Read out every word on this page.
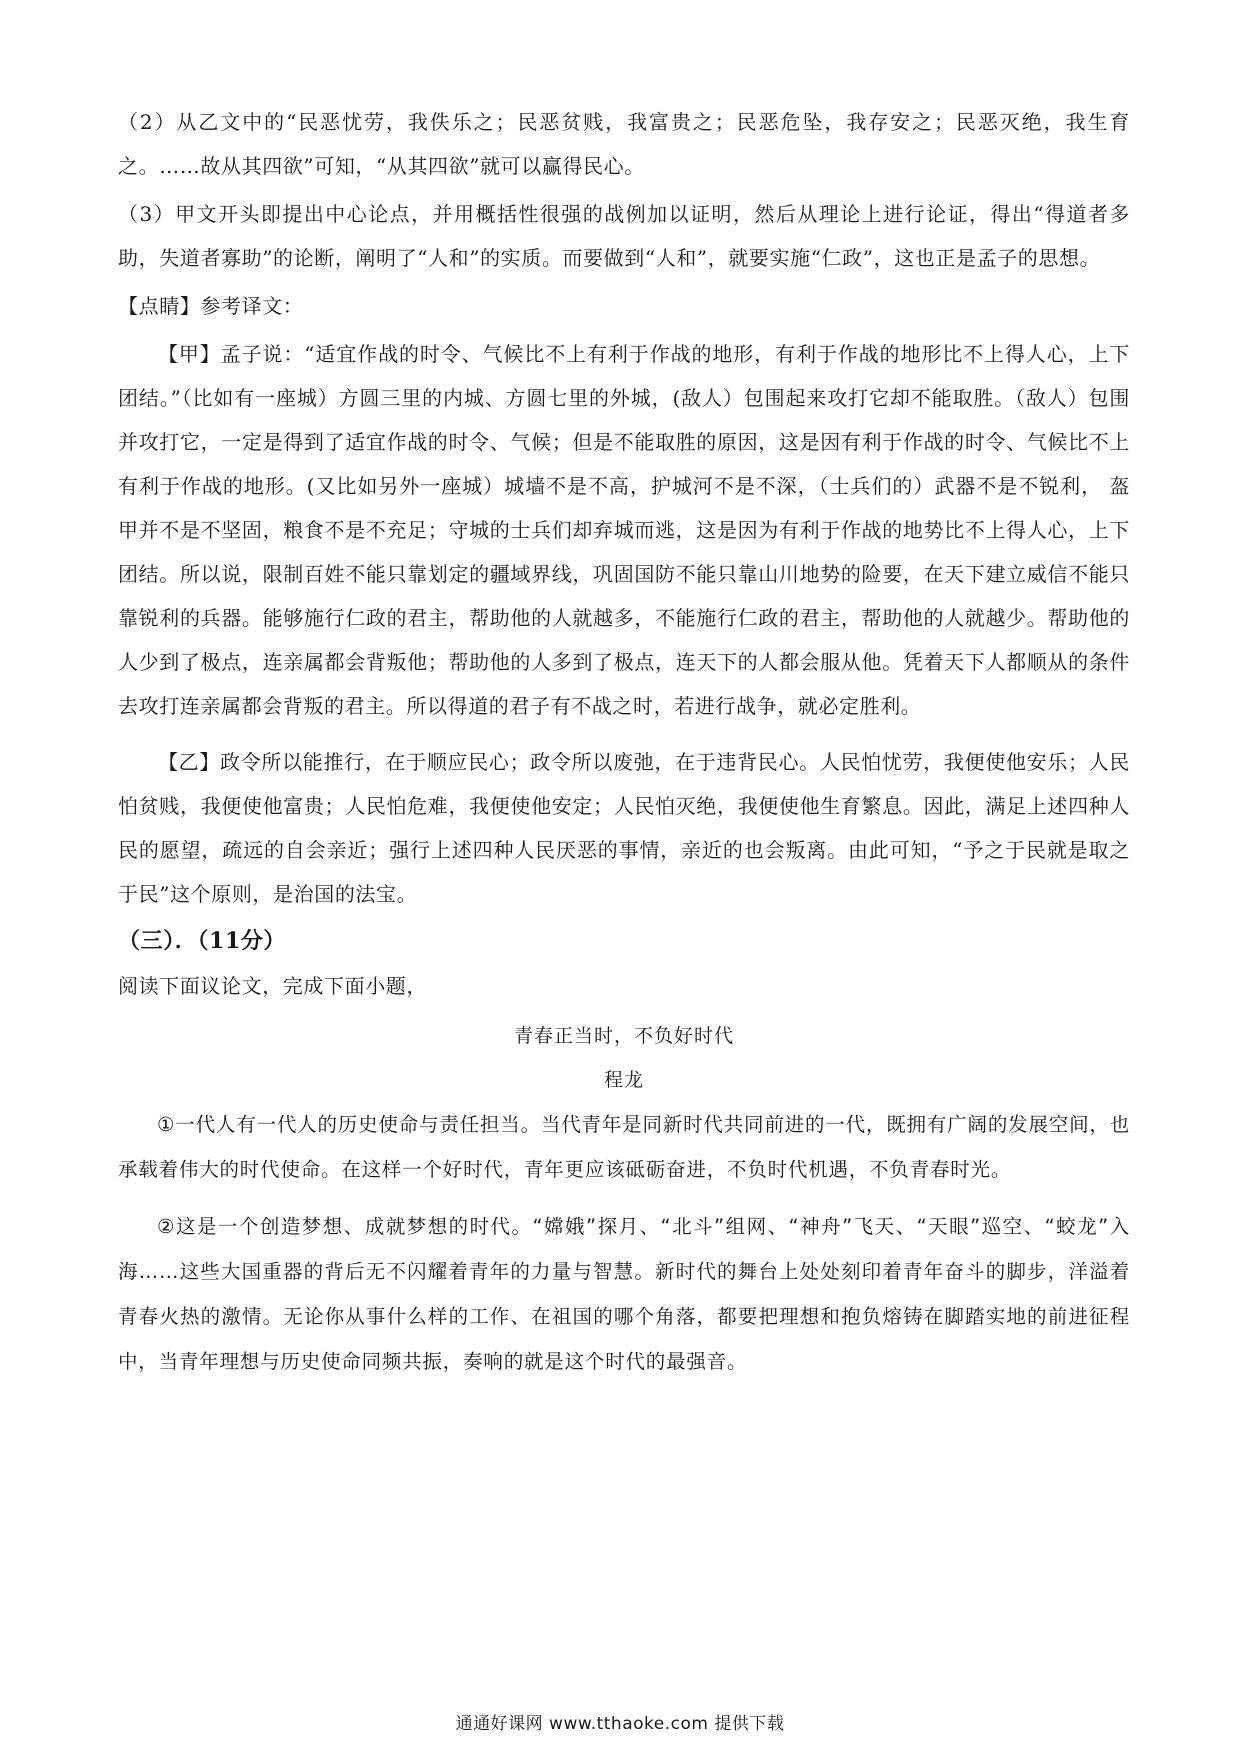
（2）从乙文中的“民恶忧劳，我佚乐之；民恶贫贱，我富贵之；民恶危坠，我存安之；民恶灭绝，我生育之。……故从其四欲”可知，“从其四欲”就可以赢得民心。

（3）甲文开头即提出中心论点，并用概括性很强的战例加以证明，然后从理论上进行论证，得出“得道者多助，失道者寡助”的论断，阐明了“人和”的实质。而要做到“人和”，就要实施“仁政”，这也正是孟子的思想。

【点睛】参考译文：

【甲】孟子说：“适宜作战的时令、气候比不上有利于作战的地形，有利于作战的地形比不上得人心，上下团结。”（比如有一座城）方圆三里的内城、方圆七里的外城，(敌人）包围起来攻打它却不能取胜。（敌人）包围并攻打它，一定是得到了适宜作战的时令、气候；但是不能取胜的原因，这是因有利于作战的时令、气候比不上有利于作战的地形。(又比如另外一座城）城墙不是不高，护城河不是不深，（士兵们的）武器不是不锐利， 盔甲并不是不坚固，粮食不是不充足；守城的士兵们却弃城而逃，这是因为有利于作战的地势比不上得人心，上下团结。所以说，限制百姓不能只靠划定的疆域界线，巩固国防不能只靠山川地势的险要，在天下建立威信不能只靠锐利的兵器。能够施行仁政的君主，帮助他的人就越多，不能施行仁政的君主，帮助他的人就越少。帮助他的人少到了极点，连亲属都会背叛他；帮助他的人多到了极点，连天下的人都会服从他。凭着天下人都顺从的条件去攻打连亲属都会背叛的君主。所以得道的君子有不战之时，若进行战争，就必定胜利。

【乙】政令所以能推行，在于顺应民心；政令所以废弛，在于违背民心。人民怕忧劳，我便使他安乐；人民怕贫贱，我便使他富贵；人民怕危难，我便使他安定；人民怕灭绝，我便使他生育繁息。因此，满足上述四种人民的愿望，疏远的自会亲近；强行上述四种人民厌恶的事情，亲近的也会叛离。由此可知，“予之于民就是取之于民”这个原则，是治国的法宝。

（三）．（11分）

阅读下面议论文，完成下面小题，

青春正当时，不负好时代
程龙

①一代人有一代人的历史使命与责任担当。当代青年是同新时代共同前进的一代，既拥有广阔的发展空间，也承载着伟大的时代使命。在这样一个好时代，青年更应该砥砺奋进，不负时代机遇，不负青春时光。

②这是一个创造梦想、成就梦想的时代。“嫦娥”探月、“北斗”组网、“神舟”飞天、“天眼”巡空、“蛟龙”入海……这些大国重器的背后无不闪耀着青年的力量与智慧。新时代的舞台上处处刻印着青年奋斗的脚步，洋溢着青春火热的激情。无论你从事什么样的工作、在祖国的哪个角落，都要把理想和抱负熔铸在脚踏实地的前进征程中，当青年理想与历史使命同频共振，奏响的就是这个时代的最强音。

通通好课网 www.tthaoke.com 提供下载
